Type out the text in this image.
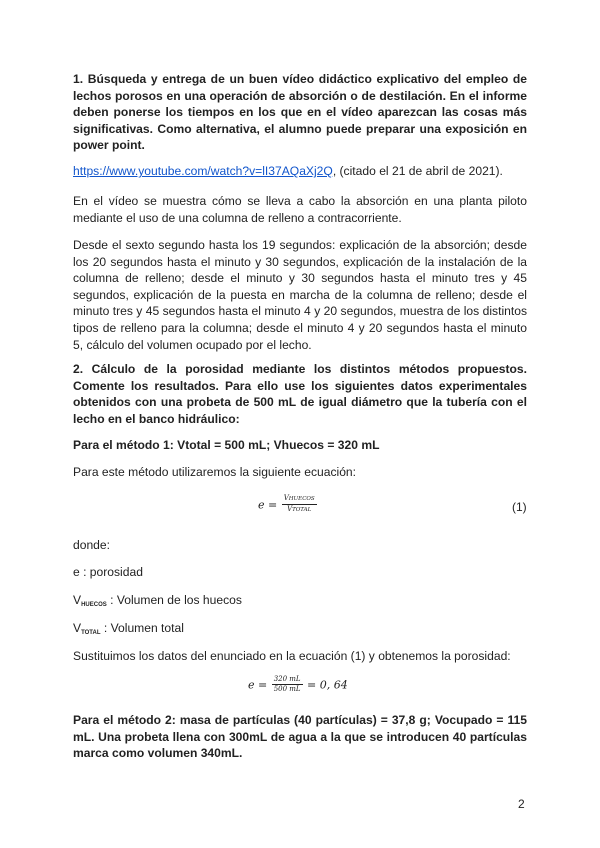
1. Búsqueda y entrega de un buen vídeo didáctico explicativo del empleo de lechos porosos en una operación de absorción o de destilación. En el informe deben ponerse los tiempos en los que en el vídeo aparezcan las cosas más significativas. Como alternativa, el alumno puede preparar una exposición en power point.

https://www.youtube.com/watch?v=lI37AQaXj2Q, (citado el 21 de abril de 2021).

En el vídeo se muestra cómo se lleva a cabo la absorción en una planta piloto mediante el uso de una columna de relleno a contracorriente.

Desde el sexto segundo hasta los 19 segundos: explicación de la absorción; desde los 20 segundos hasta el minuto y 30 segundos, explicación de la instalación de la columna de relleno; desde el minuto y 30 segundos hasta el minuto tres y 45 segundos, explicación de la puesta en marcha de la columna de relleno; desde el minuto tres y 45 segundos hasta el minuto 4 y 20 segundos, muestra de los distintos tipos de relleno para la columna; desde el minuto 4 y 20 segundos hasta el minuto 5, cálculo del volumen ocupado por el lecho.

2. Cálculo de la porosidad mediante los distintos métodos propuestos. Comente los resultados. Para ello use los siguientes datos experimentales obtenidos con una probeta de 500 mL de igual diámetro que la tubería con el lecho en el banco hidráulico:

Para el método 1: Vtotal = 500 mL; Vhuecos = 320 mL

Para este método utilizaremos la siguiente ecuación:

$e = \frac{\text{VHUECOS}}{\text{VTOTAL}}$	(1)

donde:

e : porosidad

VHUECOS : Volumen de los huecos

VTOTAL : Volumen total

Sustituimos los datos del enunciado en la ecuación (1) y obtenemos la porosidad:

$e = \frac{320 mL}{500 mL} = 0$, 64

Para el método 2: masa de partículas (40 partículas) = 37,8 g; Vocupado = 115 mL. Una probeta llena con 300mL de agua a la que se introducen 40 partículas marca como volumen 340mL.

2
